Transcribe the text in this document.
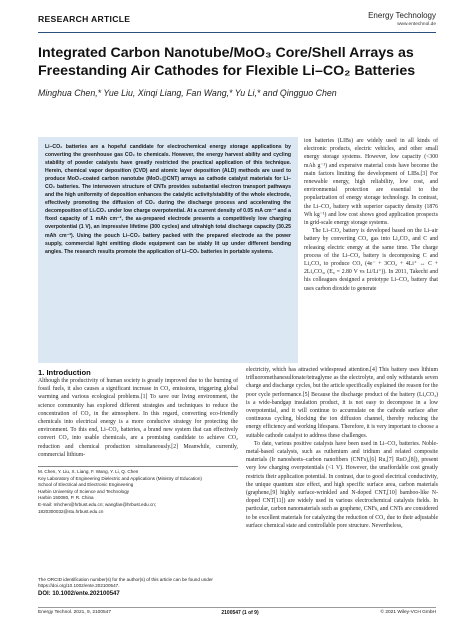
RESEARCH ARTICLE	Energy Technology
www.entechnol.de
Integrated Carbon Nanotube/MoO₃ Core/Shell Arrays as Freestanding Air Cathodes for Flexible Li–CO₂ Batteries
Minghua Chen,* Yue Liu, Xinqi Liang, Fan Wang,* Yu Li,* and Qingguo Chen

Li–CO₂ batteries are a hopeful candidate for electrochemical energy storage applications by converting the greenhouse gas CO₂ to chemicals. However, the energy harvest ability and cycling stability of powder catalysts have greatly restricted the practical application of this technique. Herein, chemical vapor deposition (CVD) and atomic layer deposition (ALD) methods are used to produce MoO₃-coated carbon nanotube (MoO₃@CNT) arrays as cathode catalyst materials for Li–CO₂ batteries. The interwoven structure of CNTs provides substantial electron transport pathways and the high uniformity of deposition enhances the catalytic activity/stability of the whole electrode, effectively promoting the diffusion of CO₂ during the discharge process and accelerating the decomposition of Li₂CO₃ under low charge overpotential. At a current density of 0.05 mA cm⁻² and a fixed capacity of 1 mAh cm⁻², the as-prepared electrode presents a competitively low charging overpotential (1 V), an impressive lifetime (300 cycles) and ultrahigh total discharge capacity (30.25 mAh cm⁻²). Using the pouch Li–CO₂ battery packed with the prepared electrode as the power supply, commercial light emitting diode equipment can be stably lit up under different bending angles. The research results promote the application of Li–CO₂ batteries in portable systems.

ion batteries (LIBs) are widely used in all kinds of electronic products, electric vehicles, and other small energy storage systems. However, low capacity (<300 mAh g⁻¹) and expensive material costs have become the main factors limiting the development of LIBs.[3] For renewable energy, high reliability, low cost, and environmental protection are essential to the popularization of energy storage technology. In contrast, the Li–CO₂ battery with superior capacity density (1876 Wh kg⁻¹) and low cost shows good application prospects in grid-scale energy storage systems.

The Li–CO₂ battery is developed based on the Li–air battery by converting CO₂ gas into Li₂CO₃ and C and releasing electric energy at the same time. The charge process of the Li–CO₂ battery is decomposing C and Li₂CO₃ to produce CO₂ (4e⁻ + 3CO₂ + 4Li⁺ ↔ C + 2Li₂CO₃, (E₀ = 2.80 V vs Li/Li⁺)). In 2011, Takechi and his colleagues designed a prototype Li–CO₂ battery that uses carbon dioxide to generate

1. Introduction

Although the productivity of human society is greatly improved due to the burning of fossil fuels, it also causes a significant increase in CO₂ emissions, triggering global warming and various ecological problems.[1] To save our living environment, the science community has explored different strategies and techniques to reduce the concentration of CO₂ in the atmosphere. In this regard, converting eco-friendly chemicals into electrical energy is a more conducive strategy for protecting the environment. To this end, Li–CO₂ batteries, a brand new system that can effectively convert CO₂ into usable chemicals, are a promising candidate to achieve CO₂ reduction and chemical production simultaneously.[2] Meanwhile, currently, commercial lithium-

electricity, which has attracted widespread attention.[4] This battery uses lithium trifluoromethanesulfonate/tetraglyme as the electrolyte, and only withstands seven charge and discharge cycles, but the article specifically explained the reason for the poor cycle performance.[5] Because the discharge product of the battery (Li₂CO₃) is a wide-bandgap insulation product, it is not easy to decompose in a low overpotential, and it will continue to accumulate on the cathode surface after continuous cycling, blocking the ion diffusion channel, thereby reducing the energy efficiency and working lifespans. Therefore, it is very important to choose a suitable cathode catalyst to address these challenges.

To date, various positive catalysts have been used in Li–CO₂ batteries. Noble-metal-based catalysts, such as ruthenium and iridium and related composite materials (Ir nanosheets–carbon nanofibers (CNFs),[6] Ru,[7] RuO₂[8]), present very low charging overpotentials (<1 V). However, the unaffordable cost greatly restricts their application potential. In contrast, due to good electrical conductivity, the unique quantum size effect, and high specific surface area, carbon materials (graphene,[9] highly surface-wrinkled and N-doped CNT,[10] bamboo-like N-doped CNT[11]) are widely used in various electrochemical catalysis fields. In particular, carbon nanomaterials such as graphene, CNFs, and CNTs are considered to be excellent materials for catalyzing the reduction of CO₂ due to their adjustable surface chemical state and controllable pore structure. Nevertheless,

M. Chen, Y. Liu, X. Liang, F. Wang, Y. Li, Q. Chen
Key Laboratory of Engineering Dielectric and Applications (Ministry of Education)
School of Electrical and Electronic Engineering
Harbin University of Science and Technology
Harbin 150080, P. R. China
E-mail: mhchen@hrbust.edu.cn; wangfan@hrbust.edu.cn;
1820300032@stu.hrbust.edu.cn
The ORCID identification number(s) for the author(s) of this article can be found under https://doi.org/10.1002/ente.202100547.
DOI: 10.1002/ente.202100547
Energy Technol. 2021, 9, 2100547	2100547 (1 of 9)	© 2021 Wiley-VCH GmbH
